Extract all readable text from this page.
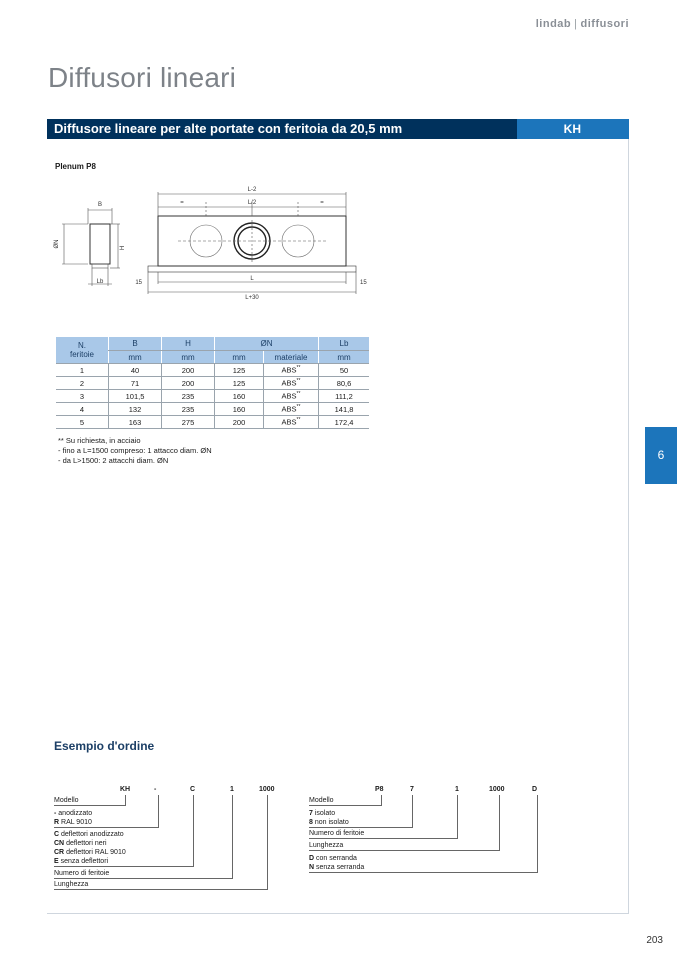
lindab | diffusori
Diffusori lineari
Diffusore lineare per alte portate con feritoia da 20,5 mm	KH
6
Plenum P8
B
ØN	H
Lb
L-2
L/2
=	=
L
L+30
15	15
N.
feritoie	B	H	ØN		Lb
	mm	mm	mm	materiale	mm
1	40	200	125	ABS**	50
2	71	200	125	ABS**	80,6
3	101,5	235	160	ABS**	111,2
4	132	235	160	ABS**	141,8
5	163	275	200	ABS**	172,4
** Su richiesta, in acciaio
- fino a L=1500 compreso: 1 attacco diam. ØN
- da L>1500: 2 attacchi diam. ØN
Esempio d'ordine
KH	-	C	1	1000
Modello
- anodizzato
R RAL 9010
C deflettori anodizzato
CN deflettori neri
CR deflettori RAL 9010
E senza deflettori
Numero di feritoie
Lunghezza
P8	7	1	1000	D
Modello
7 isolato
8 non isolato
Numero di feritoie
Lunghezza
D con serranda
N senza serranda
203
